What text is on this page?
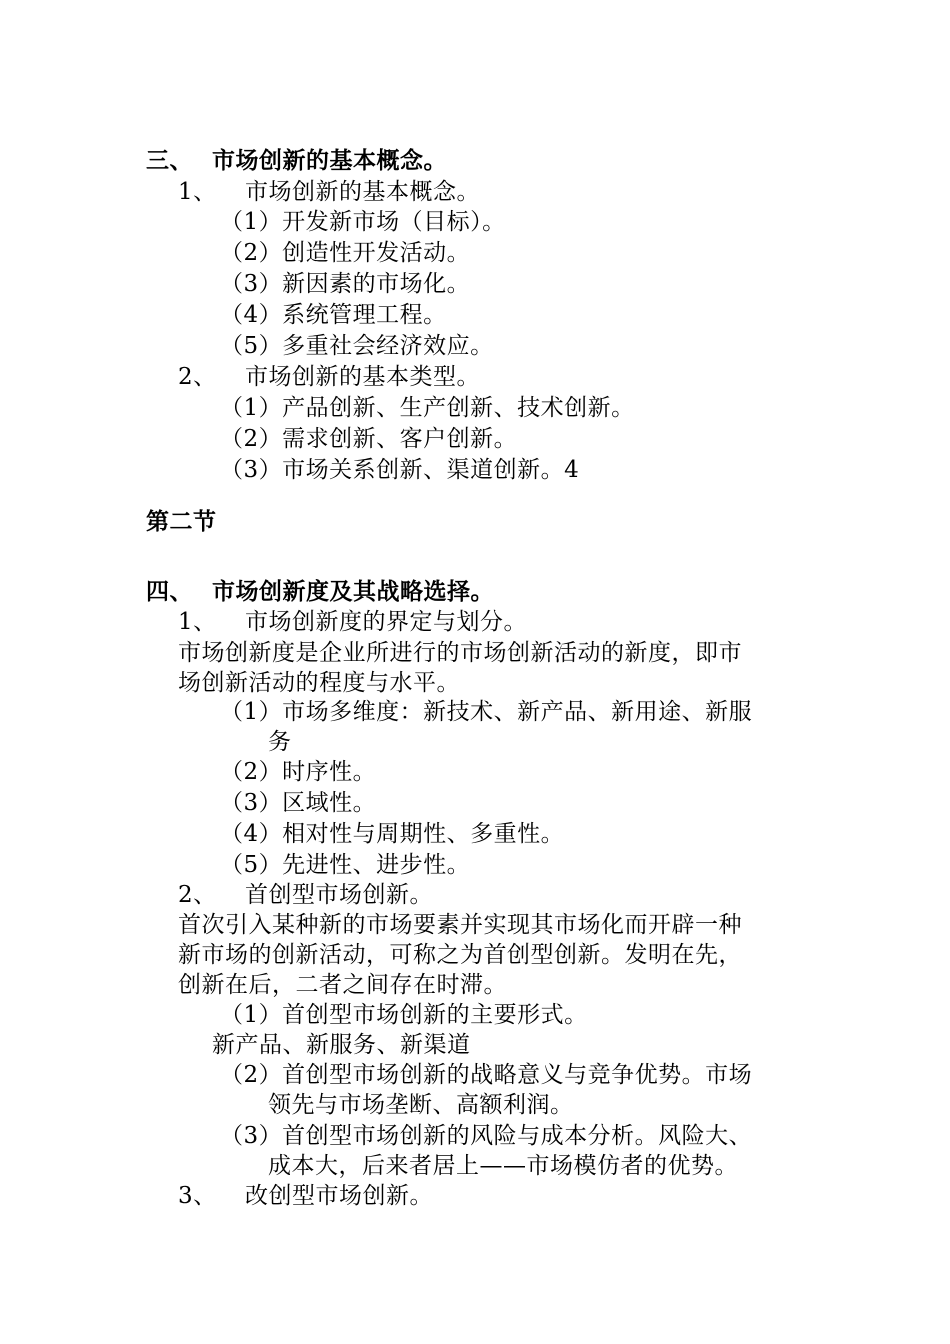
三、 市场创新的基本概念。
1、 市场创新的基本概念。
（1）开发新市场（目标）。
（2）创造性开发活动。
（3）新因素的市场化。
（4）系统管理工程。
（5）多重社会经济效应。
2、 市场创新的基本类型。
（1）产品创新、生产创新、技术创新。
（2）需求创新、客户创新。
（3）市场关系创新、渠道创新。4
第二节
四、 市场创新度及其战略选择。
1、 市场创新度的界定与划分。
市场创新度是企业所进行的市场创新活动的新度，即市
场创新活动的程度与水平。
（1）市场多维度：新技术、新产品、新用途、新服
务
（2）时序性。
（3）区域性。
（4）相对性与周期性、多重性。
（5）先进性、进步性。
2、 首创型市场创新。
首次引入某种新的市场要素并实现其市场化而开辟一种
新市场的创新活动，可称之为首创型创新。发明在先，
创新在后，二者之间存在时滞。
（1）首创型市场创新的主要形式。
新产品、新服务、新渠道
（2）首创型市场创新的战略意义与竞争优势。市场
领先与市场垄断、高额利润。
（3）首创型市场创新的风险与成本分析。风险大、
成本大，后来者居上——市场模仿者的优势。
3、 改创型市场创新。
